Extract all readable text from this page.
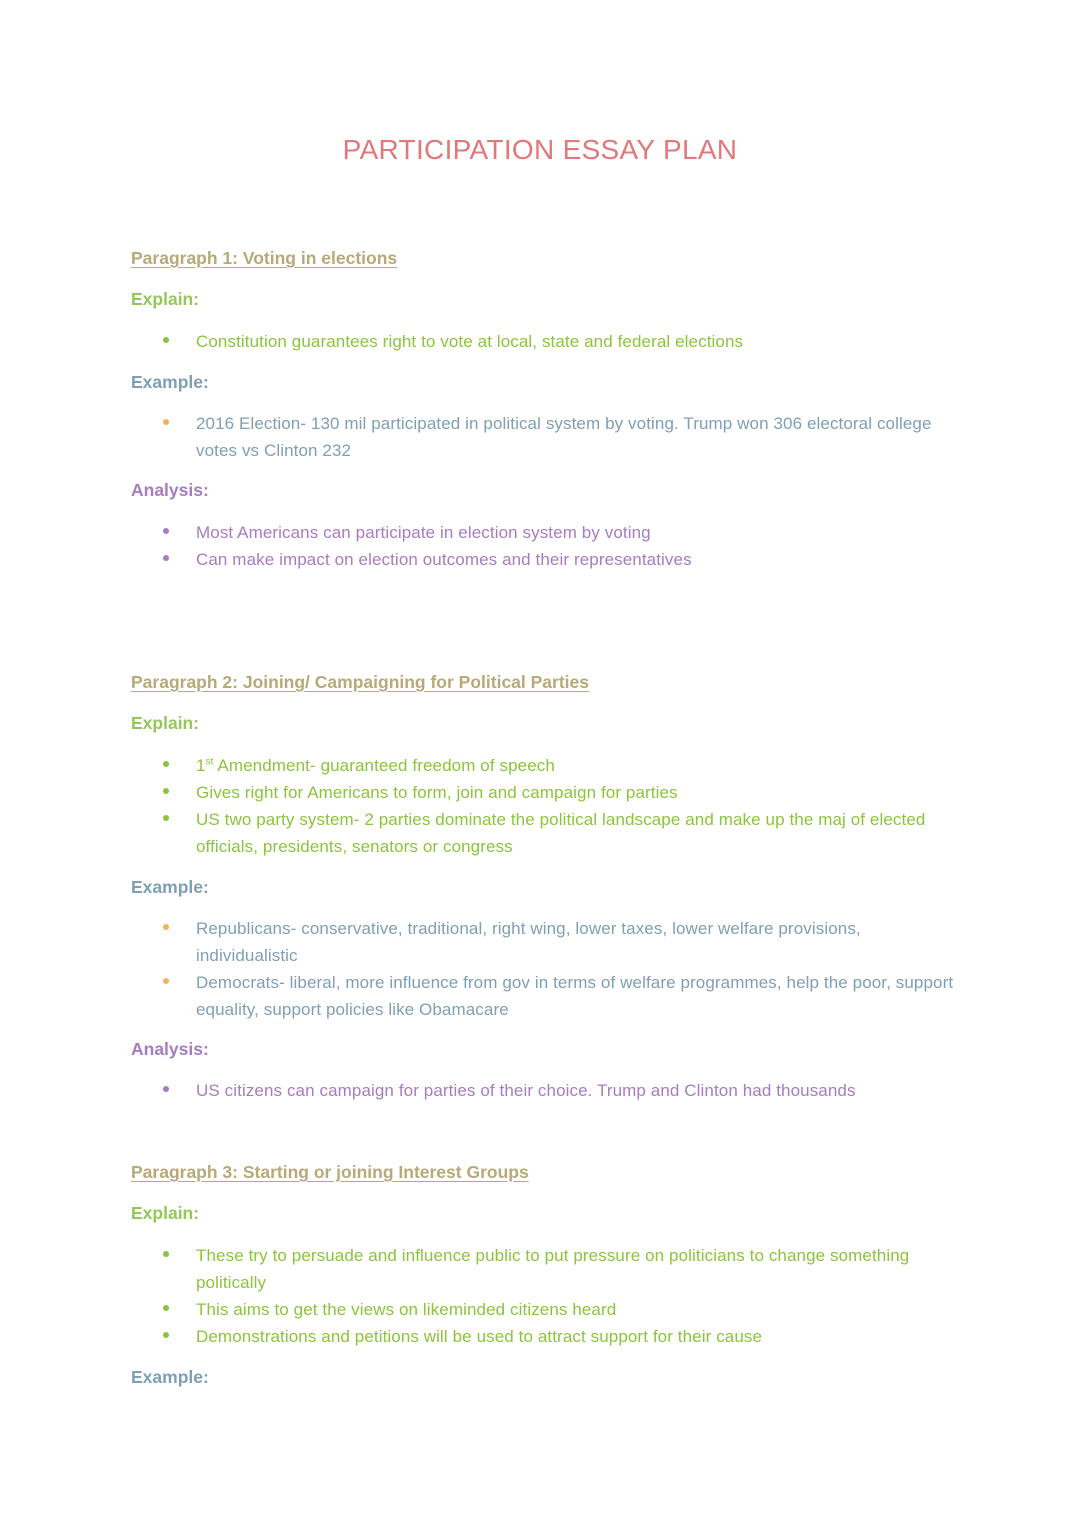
PARTICIPATION ESSAY PLAN
Paragraph 1: Voting in elections
Explain:
Constitution guarantees right to vote at local, state and federal elections
Example:
2016 Election- 130 mil participated in political system by voting. Trump won 306 electoral college votes vs Clinton 232
Analysis:
Most Americans can participate in election system by voting
Can make impact on election outcomes and their representatives
Paragraph 2: Joining/ Campaigning for Political Parties
Explain:
1st Amendment- guaranteed freedom of speech
Gives right for Americans to form, join and campaign for parties
US two party system- 2 parties dominate the political landscape and make up the maj of elected officials, presidents, senators or congress
Example:
Republicans- conservative, traditional, right wing, lower taxes, lower welfare provisions, individualistic
Democrats- liberal, more influence from gov in terms of welfare programmes, help the poor, support equality, support policies like Obamacare
Analysis:
US citizens can campaign for parties of their choice. Trump and Clinton had thousands
Paragraph 3: Starting or joining Interest Groups
Explain:
These try to persuade and influence public to put pressure on politicians to change something politically
This aims to get the views on likeminded citizens heard
Demonstrations and petitions will be used to attract support for their cause
Example:
